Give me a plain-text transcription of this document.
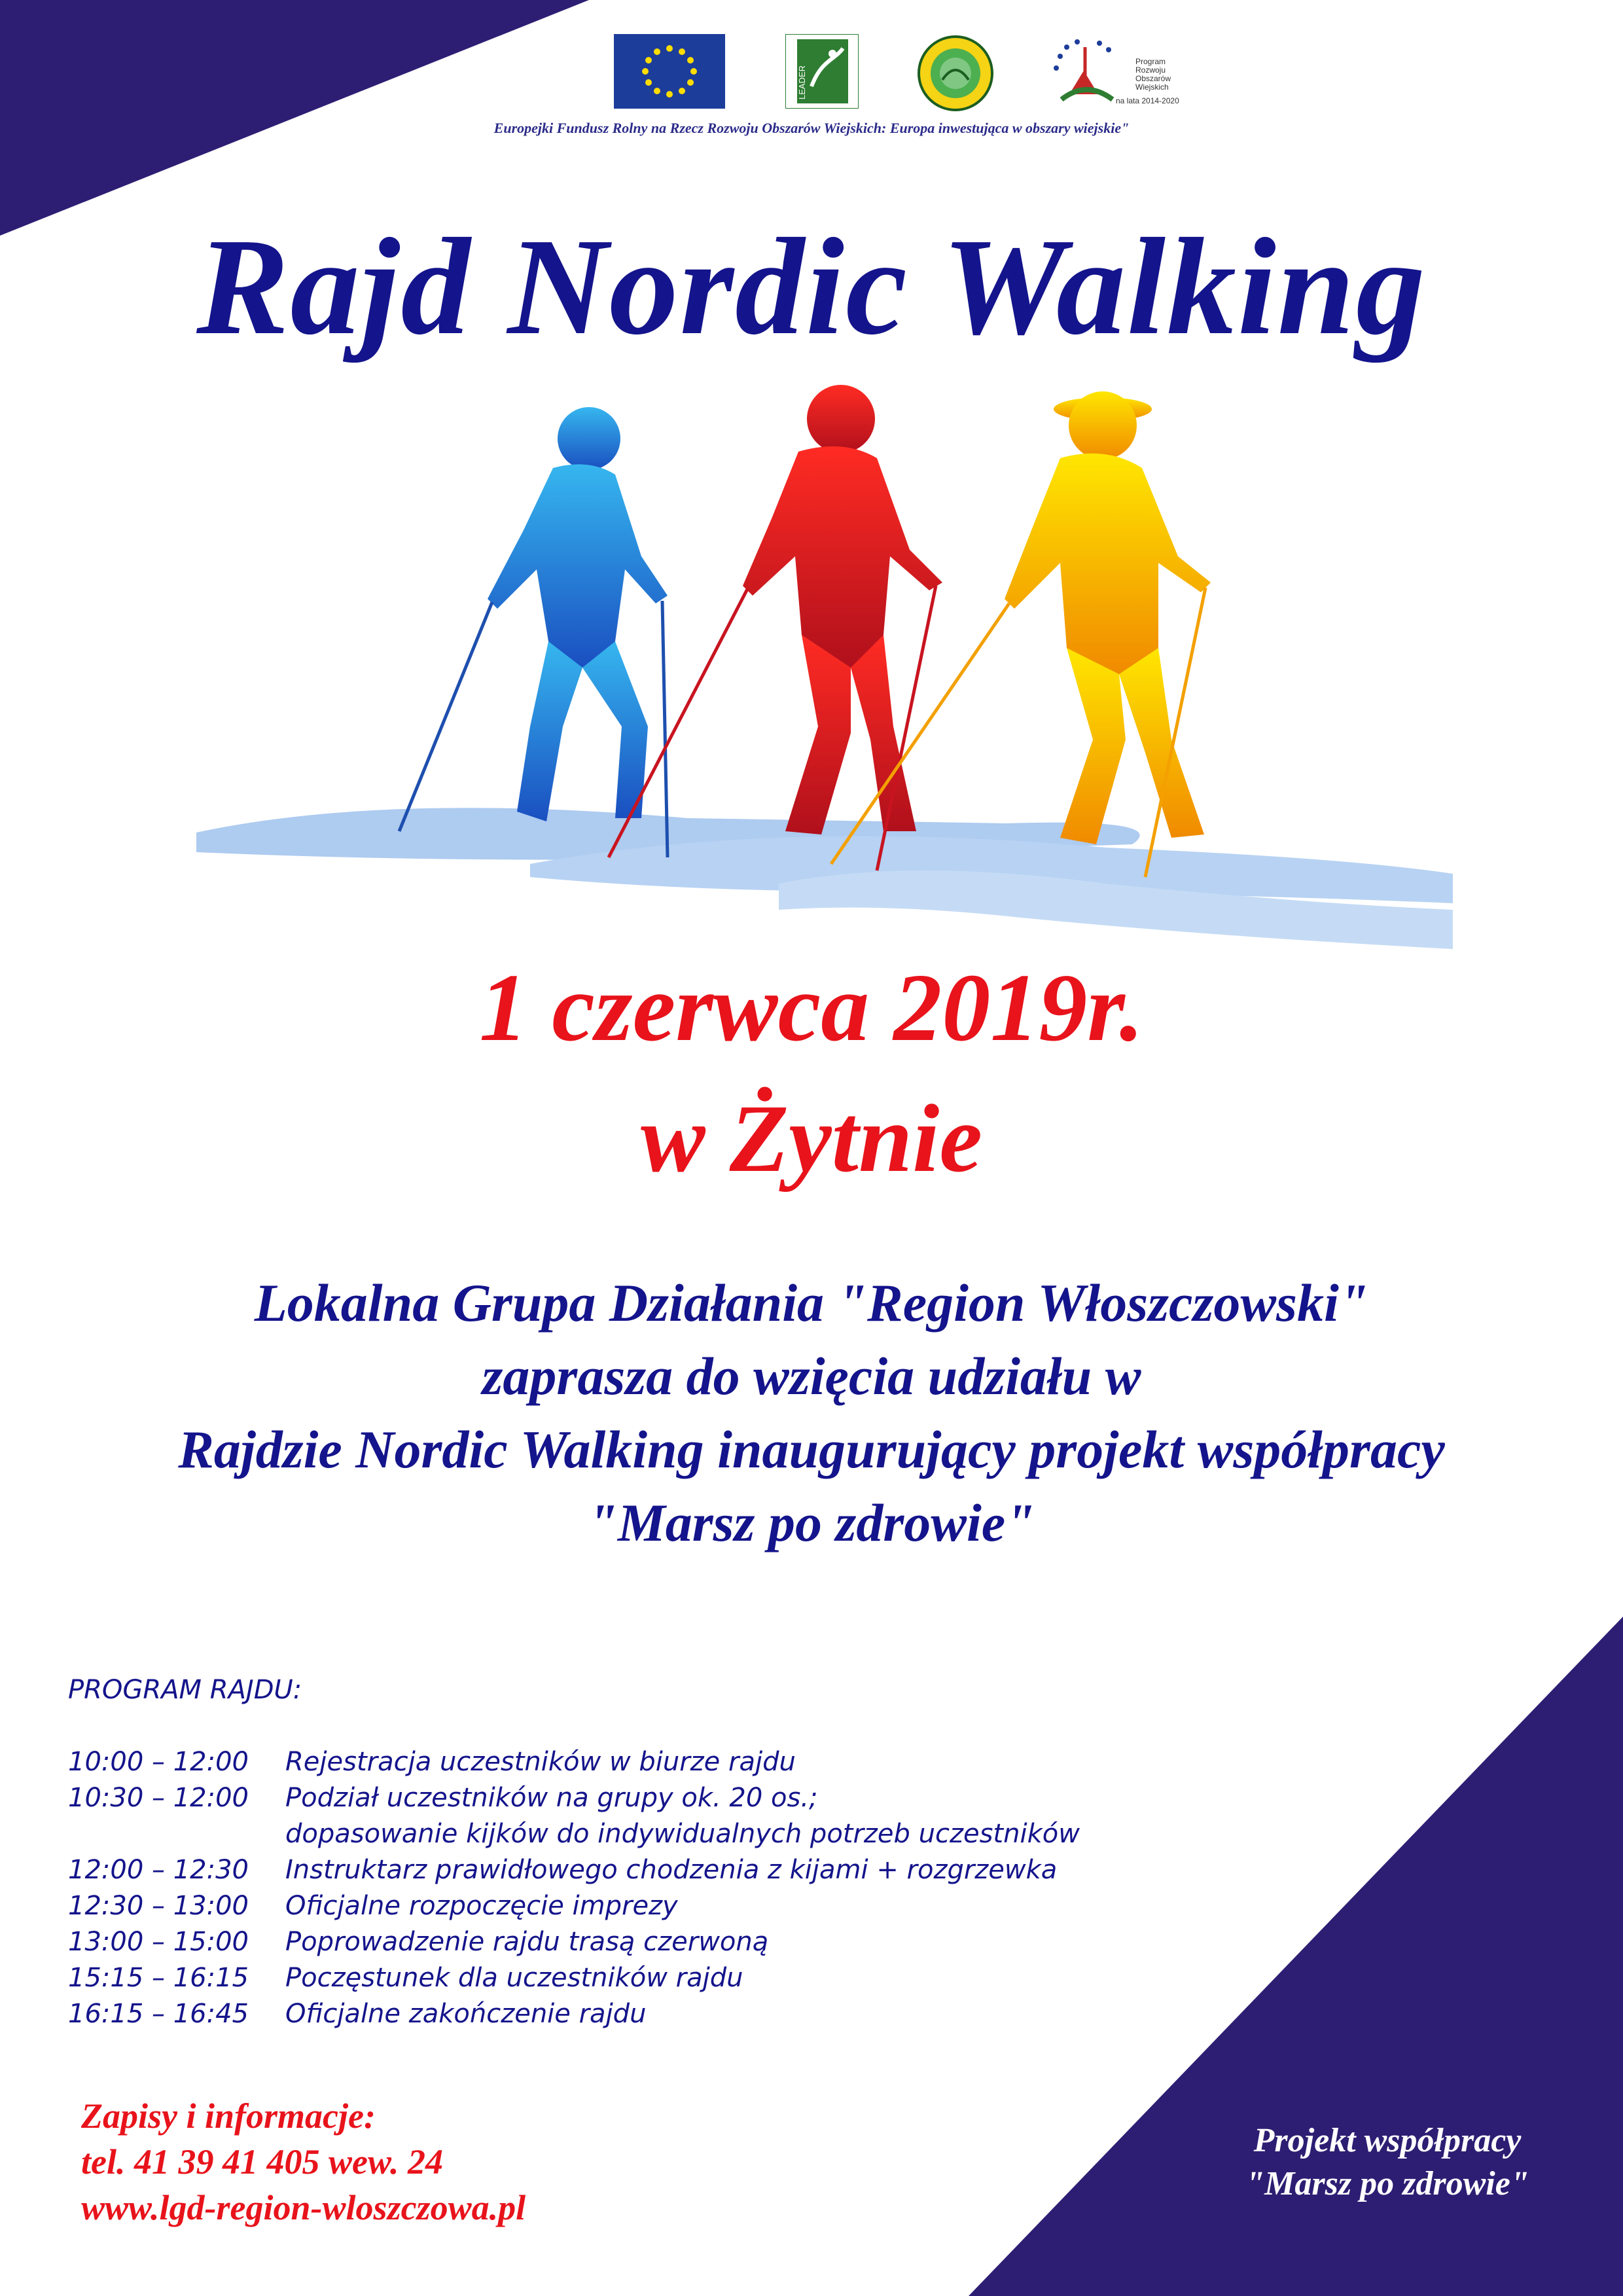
LEADER
Program
Rozwoju
Obszarów
Wiejskich
na lata 2014-2020
Europejki Fundusz Rolny na Rzecz Rozwoju Obszarów Wiejskich: Europa inwestująca w obszary wiejskie"
Rajd Nordic Walking
1 czerwca 2019r.
w Żytnie
Lokalna Grupa Działania "Region Włoszczowski"
zaprasza do wzięcia udziału w
Rajdzie Nordic Walking inaugurujący projekt współpracy
"Marsz po zdrowie"
PROGRAM RAJDU:
10:00 – 12:00 Rejestracja uczestników w biurze rajdu
10:30 – 12:00 Podział uczestników na grupy ok. 20 os.;
dopasowanie kijków do indywidualnych potrzeb uczestników
12:00 – 12:30 Instruktarz prawidłowego chodzenia z kijami + rozgrzewka
12:30 – 13:00 Oficjalne rozpoczęcie imprezy
13:00 – 15:00 Poprowadzenie rajdu trasą czerwoną
15:15 – 16:15 Poczęstunek dla uczestników rajdu
16:15 – 16:45 Oficjalne zakończenie rajdu
Zapisy i informacje:
tel. 41 39 41 405 wew. 24
www.lgd-region-wloszczowa.pl
Projekt współpracy
"Marsz po zdrowie"
